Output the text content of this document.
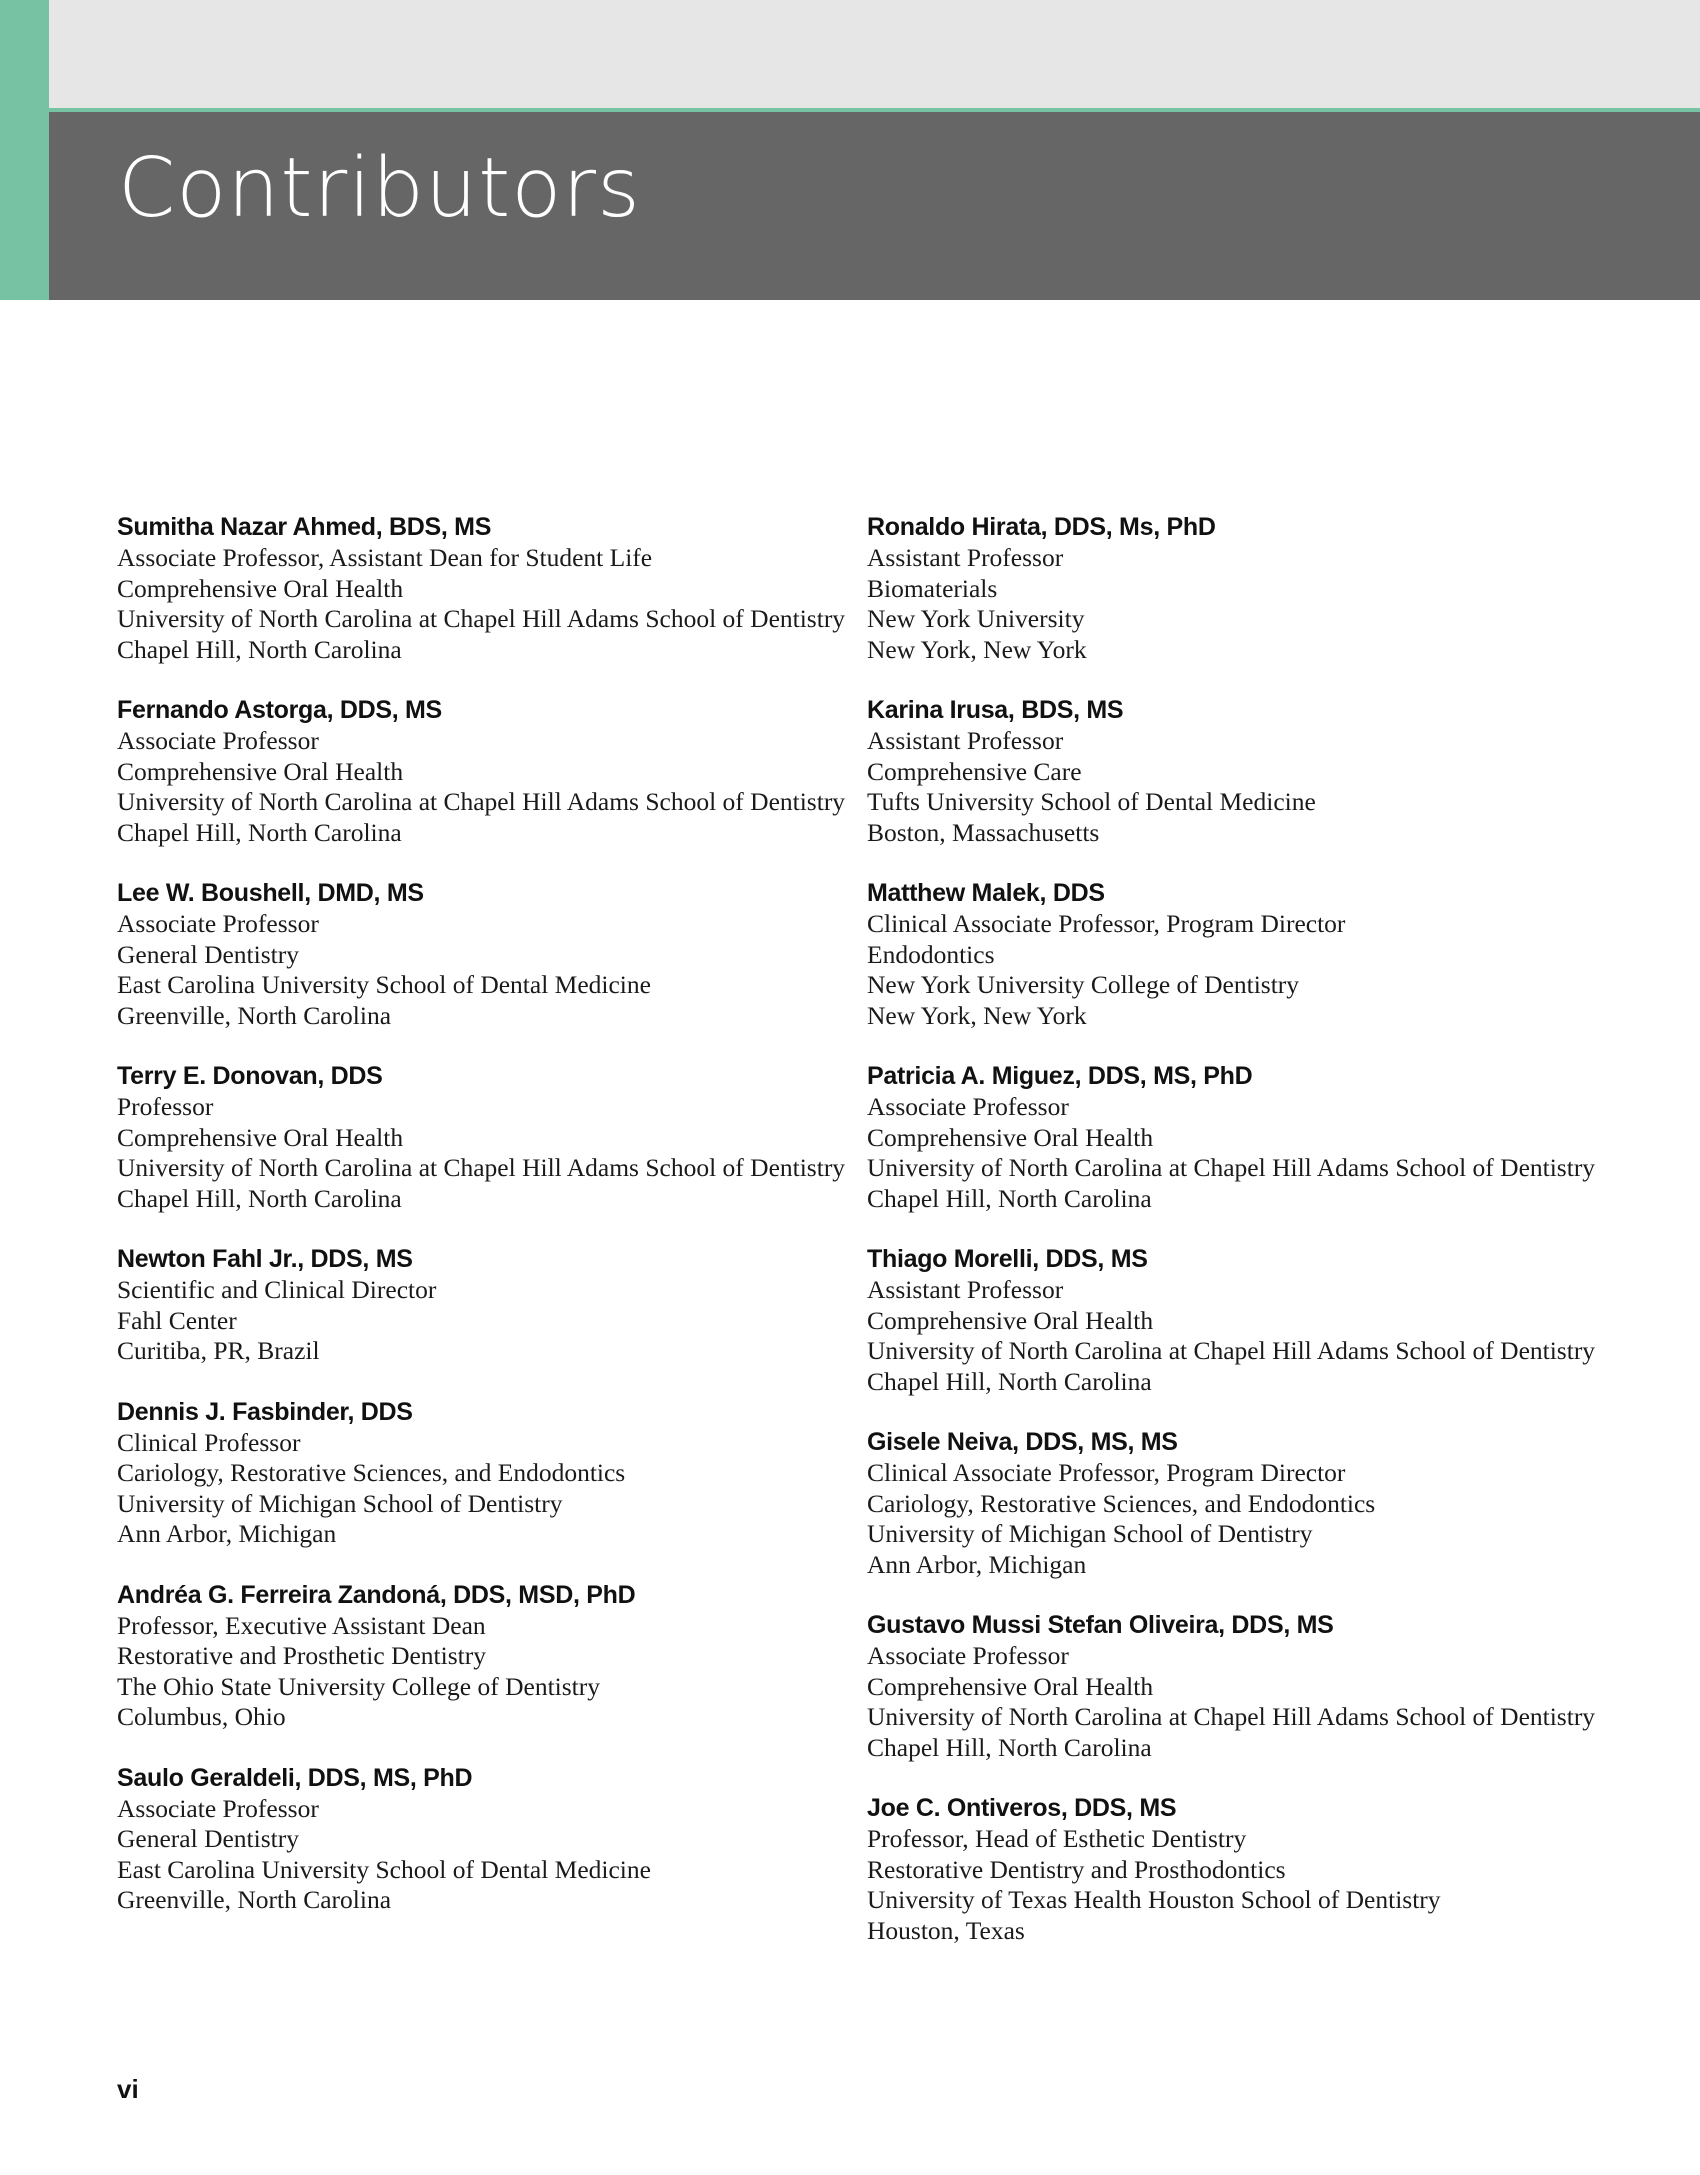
Contributors
Sumitha Nazar Ahmed, BDS, MS
Associate Professor, Assistant Dean for Student Life
Comprehensive Oral Health
University of North Carolina at Chapel Hill Adams School of Dentistry
Chapel Hill, North Carolina
Fernando Astorga, DDS, MS
Associate Professor
Comprehensive Oral Health
University of North Carolina at Chapel Hill Adams School of Dentistry
Chapel Hill, North Carolina
Lee W. Boushell, DMD, MS
Associate Professor
General Dentistry
East Carolina University School of Dental Medicine
Greenville, North Carolina
Terry E. Donovan, DDS
Professor
Comprehensive Oral Health
University of North Carolina at Chapel Hill Adams School of Dentistry
Chapel Hill, North Carolina
Newton Fahl Jr., DDS, MS
Scientific and Clinical Director
Fahl Center
Curitiba, PR, Brazil
Dennis J. Fasbinder, DDS
Clinical Professor
Cariology, Restorative Sciences, and Endodontics
University of Michigan School of Dentistry
Ann Arbor, Michigan
Andréa G. Ferreira Zandoná, DDS, MSD, PhD
Professor, Executive Assistant Dean
Restorative and Prosthetic Dentistry
The Ohio State University College of Dentistry
Columbus, Ohio
Saulo Geraldeli, DDS, MS, PhD
Associate Professor
General Dentistry
East Carolina University School of Dental Medicine
Greenville, North Carolina
Ronaldo Hirata, DDS, Ms, PhD
Assistant Professor
Biomaterials
New York University
New York, New York
Karina Irusa, BDS, MS
Assistant Professor
Comprehensive Care
Tufts University School of Dental Medicine
Boston, Massachusetts
Matthew Malek, DDS
Clinical Associate Professor, Program Director
Endodontics
New York University College of Dentistry
New York, New York
Patricia A. Miguez, DDS, MS, PhD
Associate Professor
Comprehensive Oral Health
University of North Carolina at Chapel Hill Adams School of Dentistry
Chapel Hill, North Carolina
Thiago Morelli, DDS, MS
Assistant Professor
Comprehensive Oral Health
University of North Carolina at Chapel Hill Adams School of Dentistry
Chapel Hill, North Carolina
Gisele Neiva, DDS, MS, MS
Clinical Associate Professor, Program Director
Cariology, Restorative Sciences, and Endodontics
University of Michigan School of Dentistry
Ann Arbor, Michigan
Gustavo Mussi Stefan Oliveira, DDS, MS
Associate Professor
Comprehensive Oral Health
University of North Carolina at Chapel Hill Adams School of Dentistry
Chapel Hill, North Carolina
Joe C. Ontiveros, DDS, MS
Professor, Head of Esthetic Dentistry
Restorative Dentistry and Prosthodontics
University of Texas Health Houston School of Dentistry
Houston, Texas
vi
